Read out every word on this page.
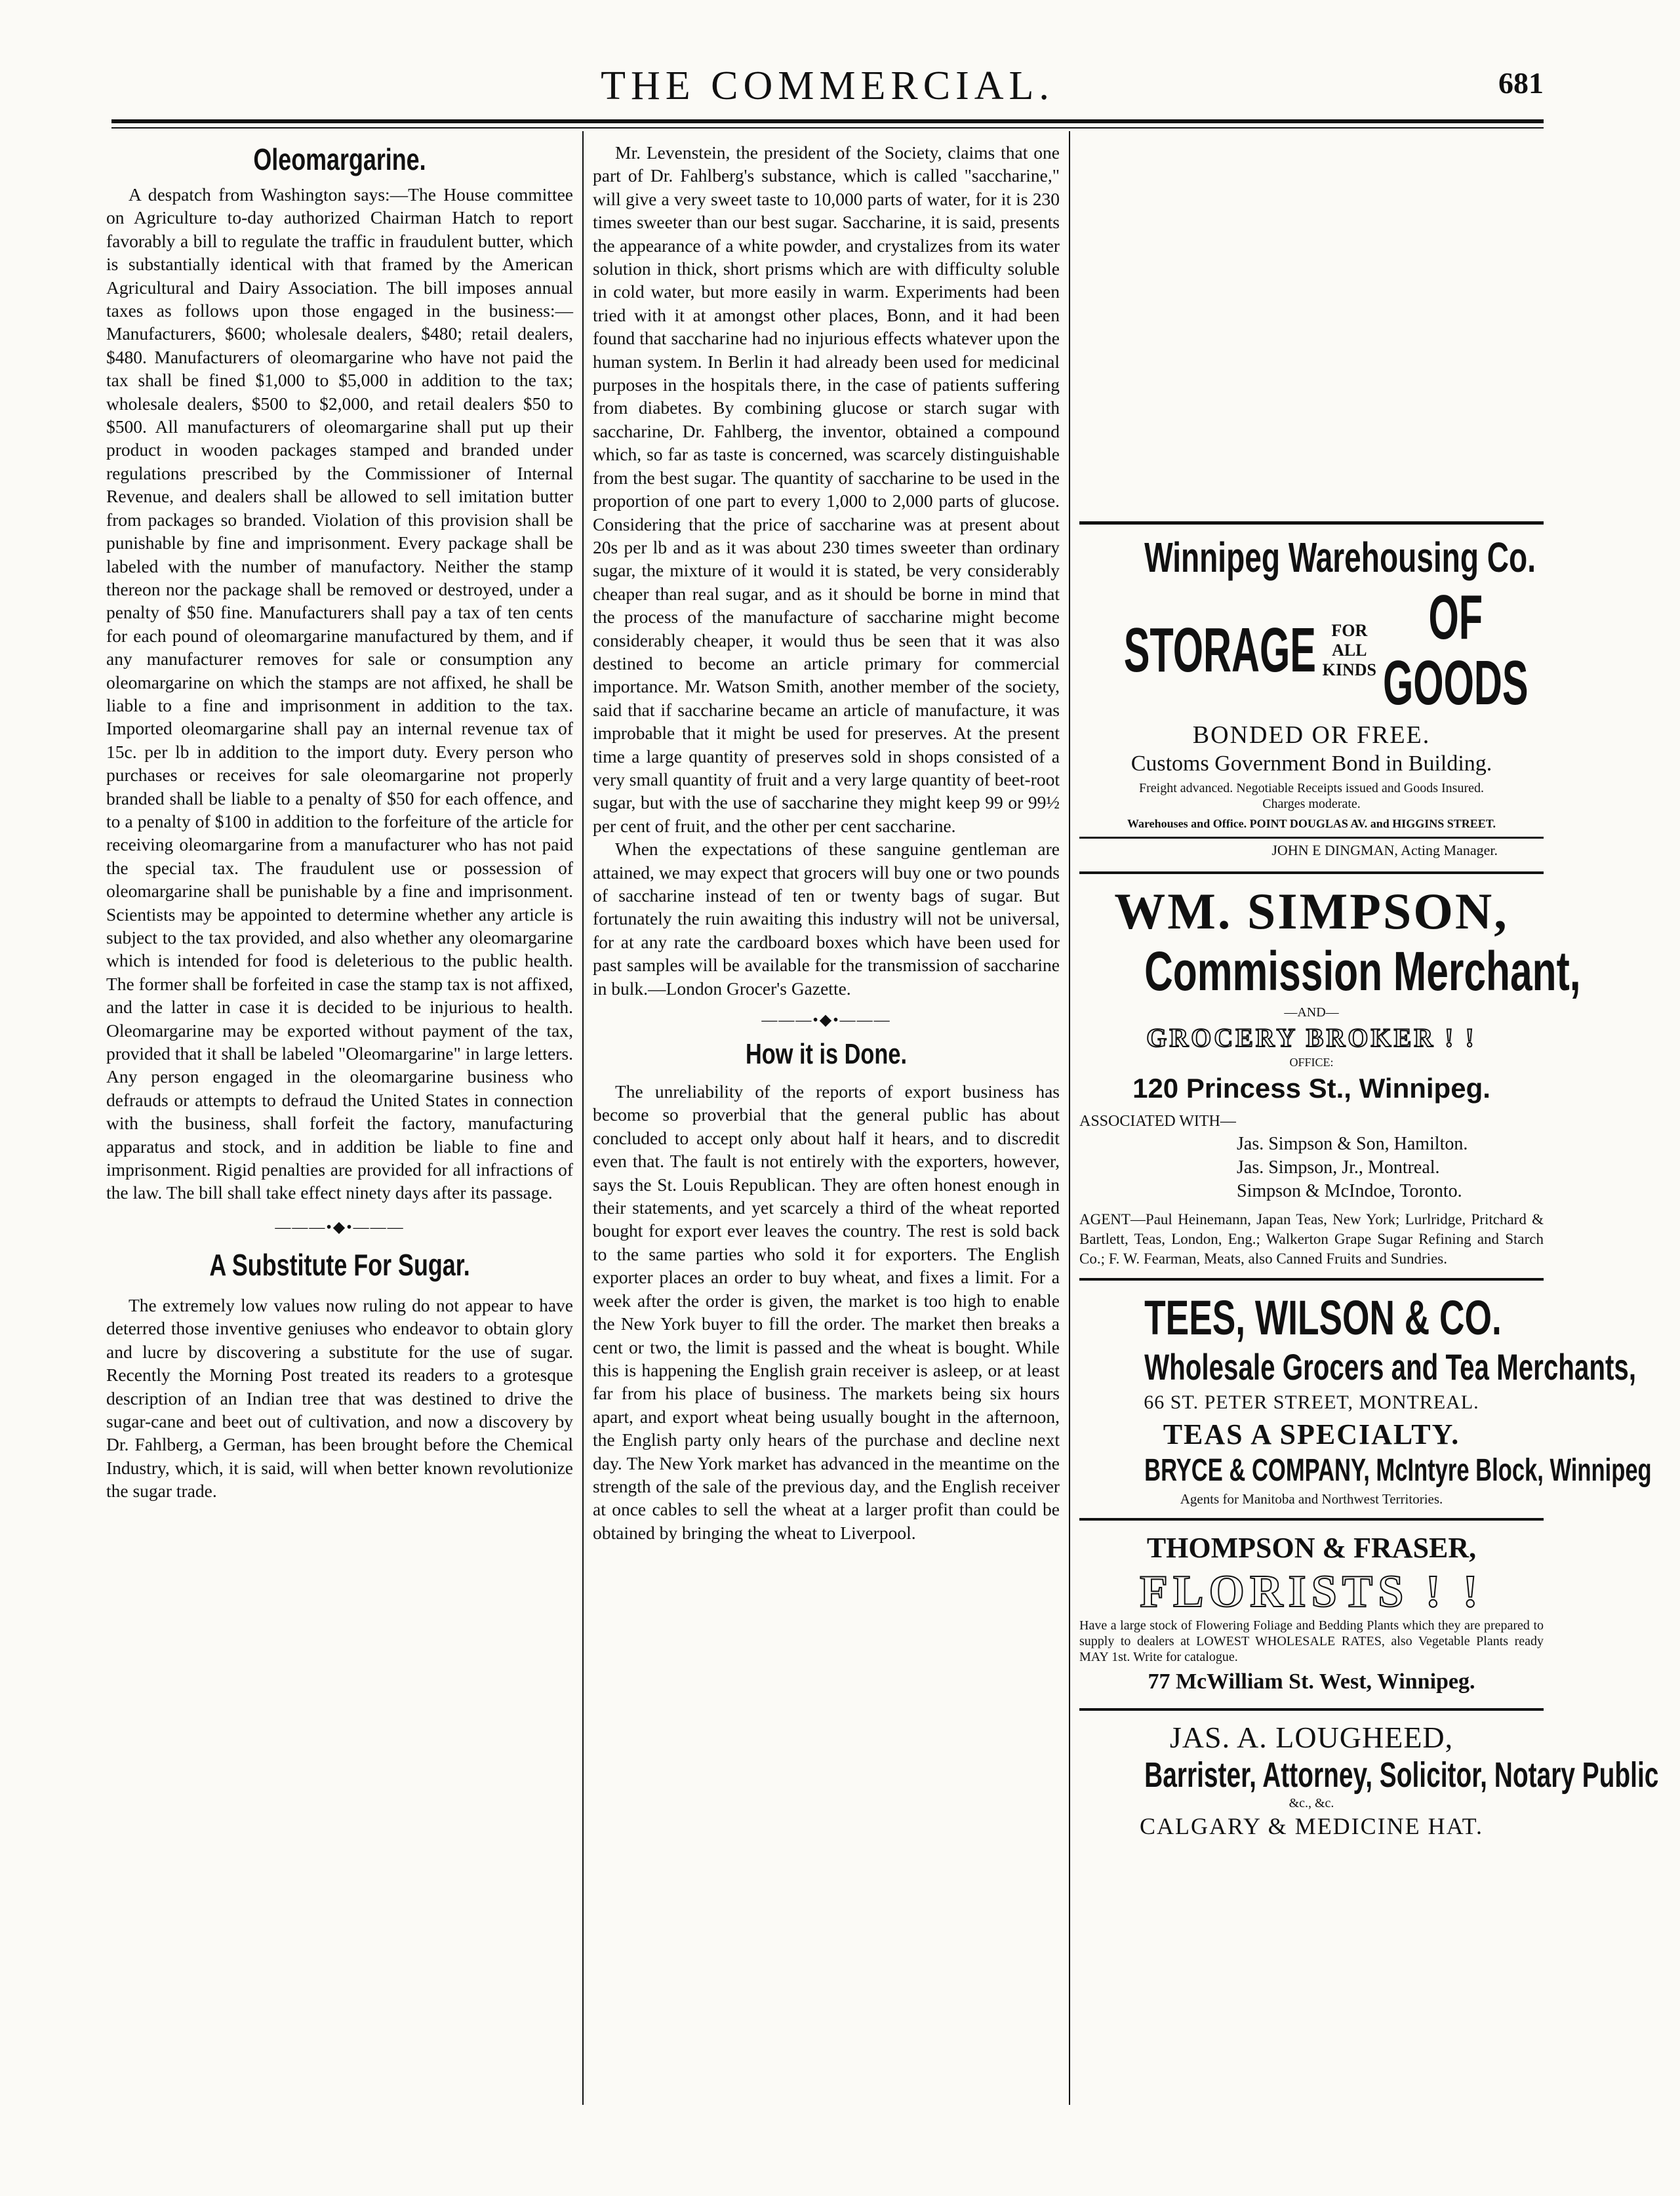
THE COMMERCIAL.	681
Oleomargarine.

A despatch from Washington says:—The House committee on Agriculture to-day authorized Chairman Hatch to report favorably a bill to regulate the traffic in fraudulent butter, which is substantially identical with that framed by the American Agricultural and Dairy Association. The bill imposes annual taxes as follows upon those engaged in the business:—Manufacturers, $600; wholesale dealers, $480; retail dealers, $480. Manufacturers of oleomargarine who have not paid the tax shall be fined $1,000 to $5,000 in addition to the tax; wholesale dealers, $500 to $2,000, and retail dealers $50 to $500. All manufacturers of oleomargarine shall put up their product in wooden packages stamped and branded under regulations prescribed by the Commissioner of Internal Revenue, and dealers shall be allowed to sell imitation butter from packages so branded. Violation of this provision shall be punishable by fine and imprisonment. Every package shall be labeled with the number of manufactory. Neither the stamp thereon nor the package shall be removed or destroyed, under a penalty of $50 fine. Manufacturers shall pay a tax of ten cents for each pound of oleomargarine manufactured by them, and if any manufacturer removes for sale or consumption any oleomargarine on which the stamps are not affixed, he shall be liable to a fine and imprisonment in addition to the tax. Imported oleomargarine shall pay an internal revenue tax of 15c. per lb in addition to the import duty. Every person who purchases or receives for sale oleomargarine not properly branded shall be liable to a penalty of $50 for each offence, and to a penalty of $100 in addition to the forfeiture of the article for receiving oleomargarine from a manufacturer who has not paid the special tax. The fraudulent use or possession of oleomargarine shall be punishable by a fine and imprisonment. Scientists may be appointed to determine whether any article is subject to the tax provided, and also whether any oleomargarine which is intended for food is deleterious to the public health. The former shall be forfeited in case the stamp tax is not affixed, and the latter in case it is decided to be injurious to health. Oleomargarine may be exported without payment of the tax, provided that it shall be labeled "Oleomargarine" in large letters. Any person engaged in the oleomargarine business who defrauds or attempts to defraud the United States in connection with the business, shall forfeit the factory, manufacturing apparatus and stock, and in addition be liable to fine and imprisonment. Rigid penalties are provided for all infractions of the law. The bill shall take effect ninety days after its passage.

———•◆•———
A Substitute For Sugar.

The extremely low values now ruling do not appear to have deterred those inventive geniuses who endeavor to obtain glory and lucre by discovering a substitute for the use of sugar. Recently the Morning Post treated its readers to a grotesque description of an Indian tree that was destined to drive the sugar-cane and beet out of cultivation, and now a discovery by Dr. Fahlberg, a German, has been brought before the Chemical Industry, which, it is said, will when better known revolutionize the sugar trade.

Mr. Levenstein, the president of the Society, claims that one part of Dr. Fahlberg's substance, which is called "saccharine," will give a very sweet taste to 10,000 parts of water, for it is 230 times sweeter than our best sugar. Saccharine, it is said, presents the appearance of a white powder, and crystalizes from its water solution in thick, short prisms which are with difficulty soluble in cold water, but more easily in warm. Experiments had been tried with it at amongst other places, Bonn, and it had been found that saccharine had no injurious effects whatever upon the human system. In Berlin it had already been used for medicinal purposes in the hospitals there, in the case of patients suffering from diabetes. By combining glucose or starch sugar with saccharine, Dr. Fahlberg, the inventor, obtained a compound which, so far as taste is concerned, was scarcely distinguishable from the best sugar. The quantity of saccharine to be used in the proportion of one part to every 1,000 to 2,000 parts of glucose. Considering that the price of saccharine was at present about 20s per lb and as it was about 230 times sweeter than ordinary sugar, the mixture of it would it is stated, be very considerably cheaper than real sugar, and as it should be borne in mind that the process of the manufacture of saccharine might become considerably cheaper, it would thus be seen that it was also destined to become an article primary for commercial importance. Mr. Watson Smith, another member of the society, said that if saccharine became an article of manufacture, it was improbable that it might be used for preserves. At the present time a large quantity of preserves sold in shops consisted of a very small quantity of fruit and a very large quantity of beet-root sugar, but with the use of saccharine they might keep 99 or 99½ per cent of fruit, and the other per cent saccharine.

When the expectations of these sanguine gentleman are attained, we may expect that grocers will buy one or two pounds of saccharine instead of ten or twenty bags of sugar. But fortunately the ruin awaiting this industry will not be universal, for at any rate the cardboard boxes which have been used for past samples will be available for the transmission of saccharine in bulk.—London Grocer's Gazette.

———•◆•———
How it is Done.

The unreliability of the reports of export business has become so proverbial that the general public has about concluded to accept only about half it hears, and to discredit even that. The fault is not entirely with the exporters, however, says the St. Louis Republican. They are often honest enough in their statements, and yet scarcely a third of the wheat reported bought for export ever leaves the country. The rest is sold back to the same parties who sold it for exporters. The English exporter places an order to buy wheat, and fixes a limit. For a week after the order is given, the market is too high to enable the New York buyer to fill the order. The market then breaks a cent or two, the limit is passed and the wheat is bought. While this is happening the English grain receiver is asleep, or at least far from his place of business. The markets being six hours apart, and export wheat being usually bought in the afternoon, the English party only hears of the purchase and decline next day. The New York market has advanced in the meantime on the strength of the sale of the previous day, and the English receiver at once cables to sell the wheat at a larger profit than could be obtained by bringing the wheat to Liverpool.

Winnipeg Warehousing Co.
STORAGE FOR ALL
KINDS
OF GOODS
BONDED OR FREE.
Customs Government Bond in Building.
Freight advanced. Negotiable Receipts issued and Goods Insured. Charges moderate.
Warehouses and Office. POINT DOUGLAS AV. and HIGGINS STREET.
JOHN E DINGMAN, Acting Manager.
WM. SIMPSON,
Commission Merchant,
—AND—
GROCERY BROKER ! !
OFFICE:
120 Princess St., Winnipeg.
ASSOCIATED WITH—
Jas. Simpson & Son, Hamilton.
Jas. Simpson, Jr., Montreal.
Simpson & McIndoe, Toronto.
AGENT—Paul Heinemann, Japan Teas, New York; Lurlridge, Pritchard & Bartlett, Teas, London, Eng.; Walkerton Grape Sugar Refining and Starch Co.; F. W. Fearman, Meats, also Canned Fruits and Sundries.
TEES, WILSON & CO.
Wholesale Grocers and Tea Merchants,
66 ST. PETER STREET, MONTREAL.
TEAS A SPECIALTY.
BRYCE & COMPANY, McIntyre Block, Winnipeg
Agents for Manitoba and Northwest Territories.
THOMPSON & FRASER,
FLORISTS ! !
Have a large stock of Flowering Foliage and Bedding Plants which they are prepared to supply to dealers at LOWEST WHOLESALE RATES, also Vegetable Plants ready MAY 1st. Write for catalogue.
77 McWilliam St. West, Winnipeg.
JAS. A. LOUGHEED,
Barrister, Attorney, Solicitor, Notary Public
&c., &c.
CALGARY & MEDICINE HAT.
